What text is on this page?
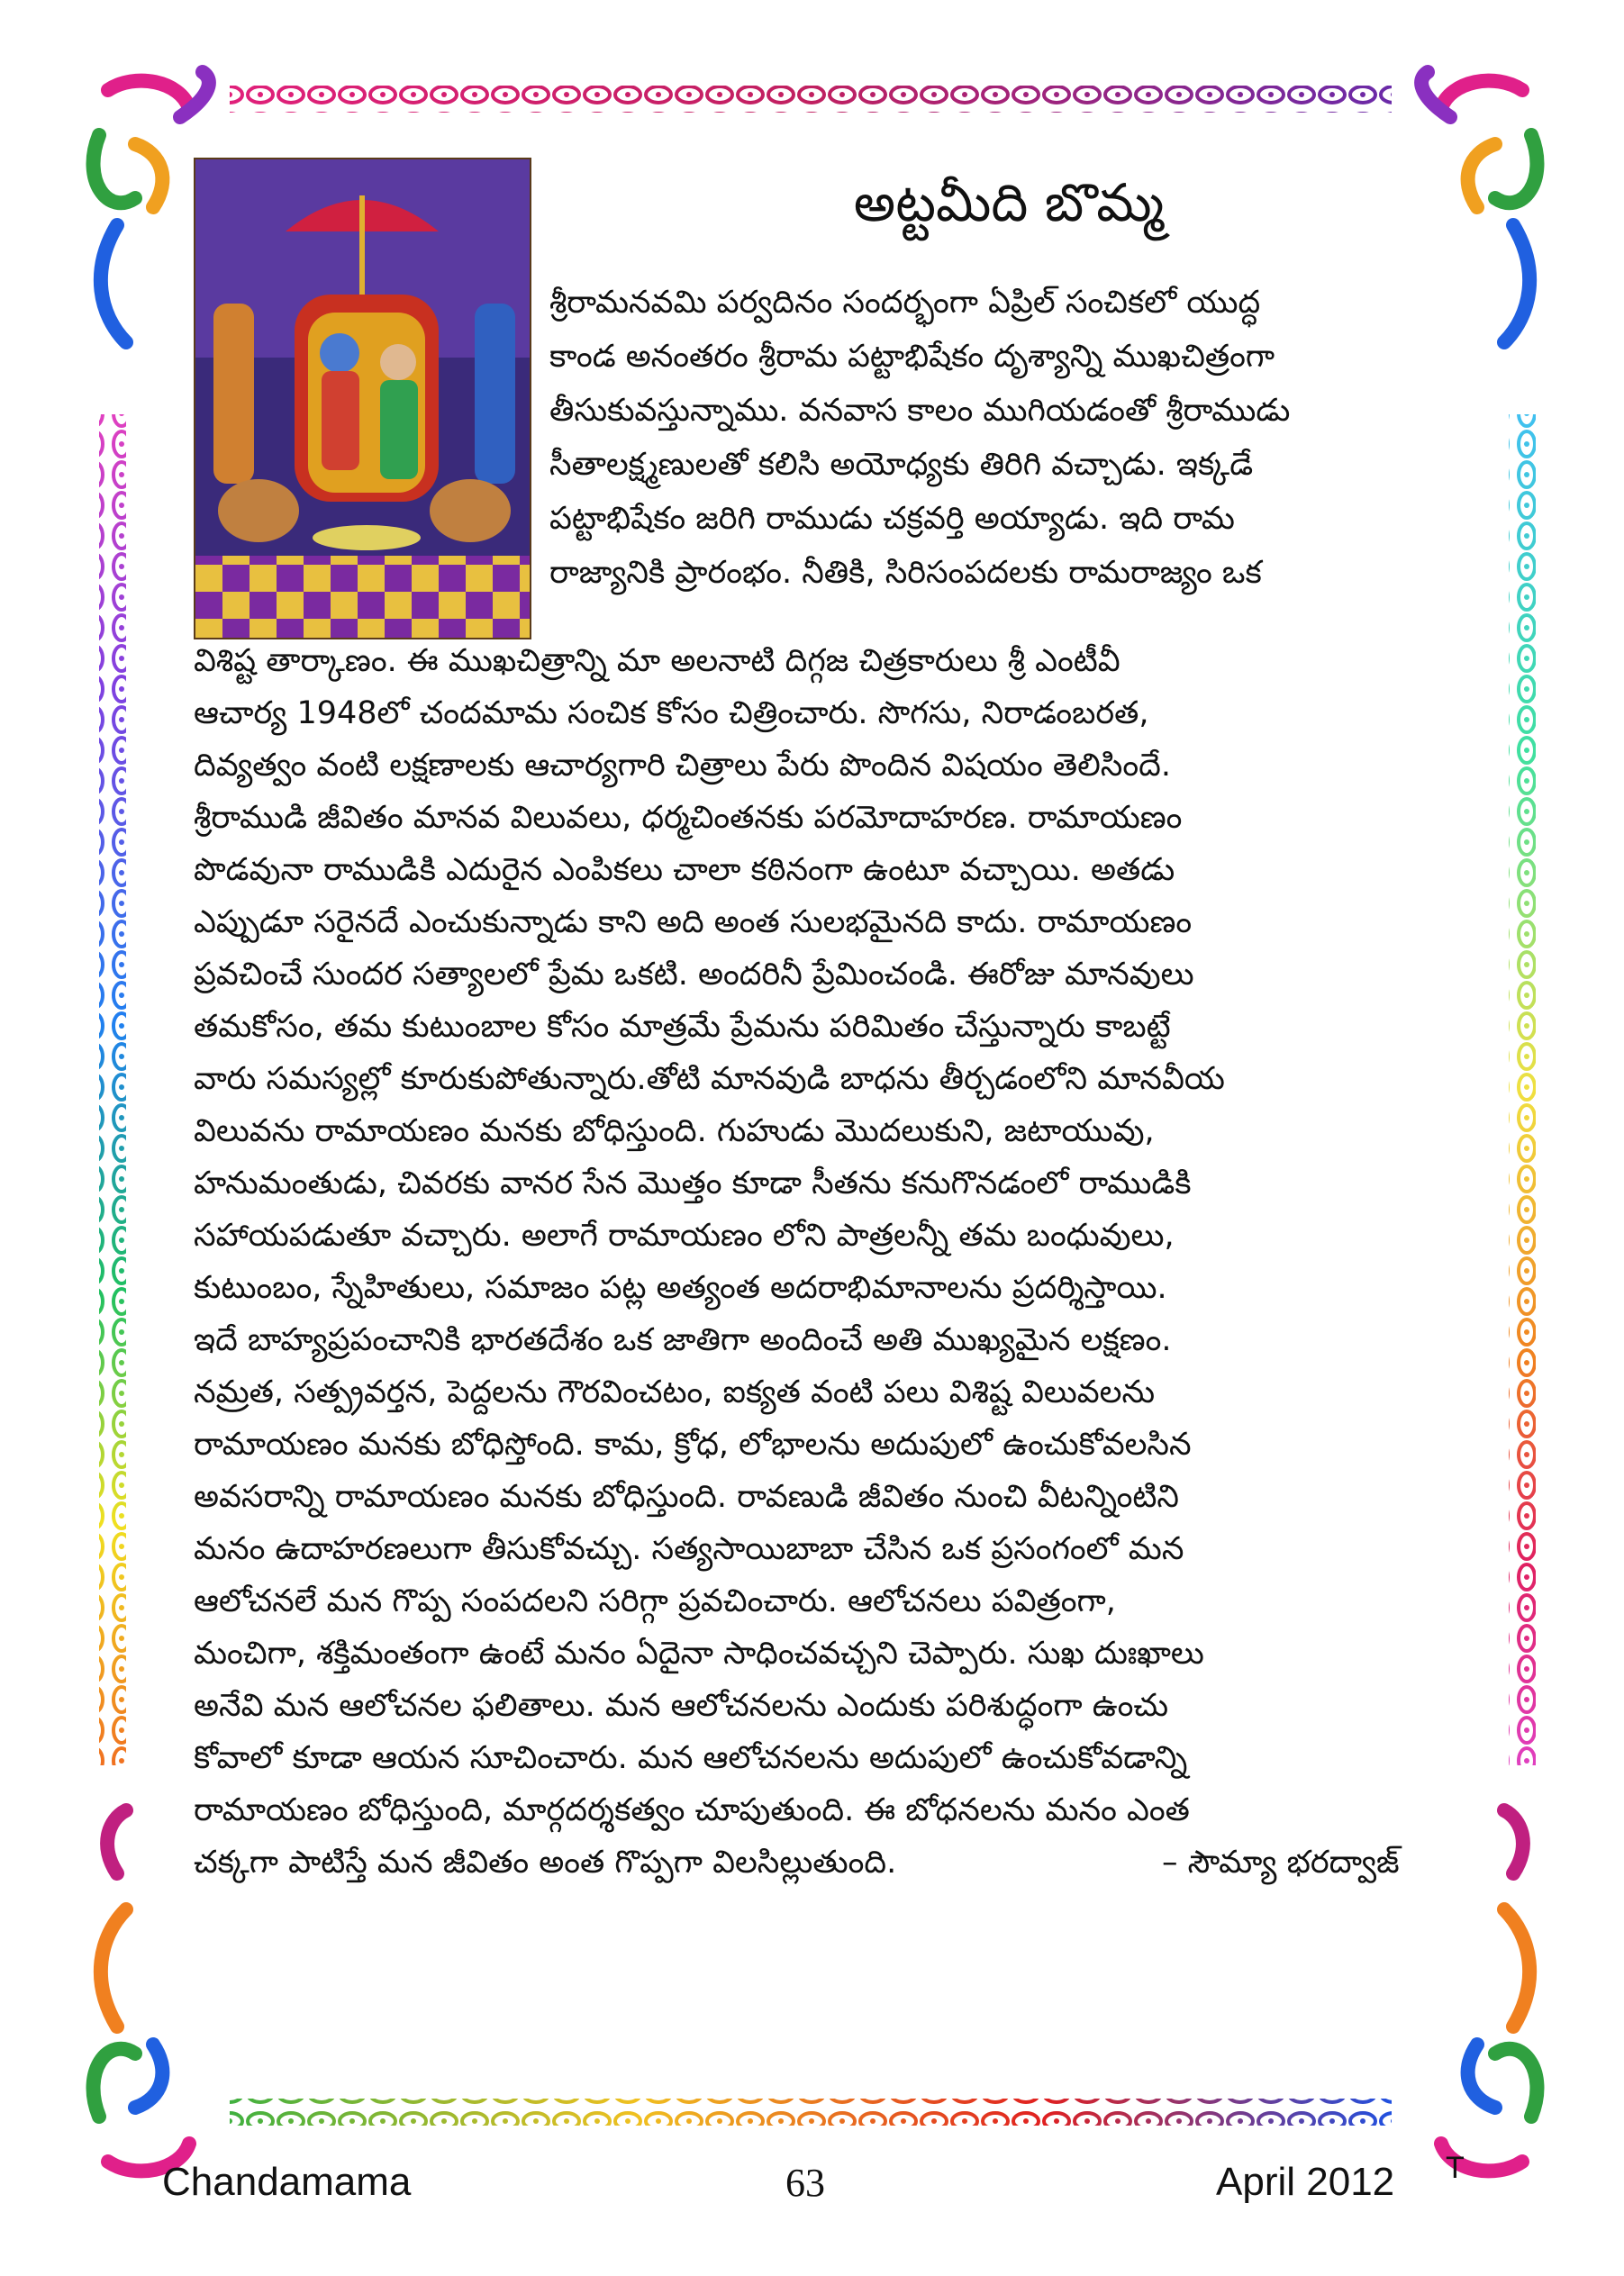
అట్టమీది బొమ్మ
శ్రీరామనవమి పర్వదినం సందర్భంగా ఏప్రిల్ సంచికలో యుద్ధ
కాండ అనంతరం శ్రీరామ పట్టాభిషేకం దృశ్యాన్ని ముఖచిత్రంగా
తీసుకువస్తున్నాము. వనవాస కాలం ముగియడంతో శ్రీరాముడు
సీతాలక్ష్మణులతో కలిసి అయోధ్యకు తిరిగి వచ్చాడు. ఇక్కడే
పట్టాభిషేకం జరిగి రాముడు చక్రవర్తి అయ్యాడు. ఇది రామ
రాజ్యానికి ప్రారంభం. నీతికి, సిరిసంపదలకు రామరాజ్యం ఒక
విశిష్ట తార్కాణం. ఈ ముఖచిత్రాన్ని మా అలనాటి దిగ్గజ చిత్రకారులు శ్రీ ఎంటీవీ
ఆచార్య 1948లో చందమామ సంచిక కోసం చిత్రించారు. సొగసు, నిరాడంబరత,
దివ్యత్వం వంటి లక్షణాలకు ఆచార్యగారి చిత్రాలు పేరు పొందిన విషయం తెలిసిందే.
శ్రీరాముడి జీవితం మానవ విలువలు, ధర్మచింతనకు పరమోదాహరణ. రామాయణం
పొడవునా రాముడికి ఎదురైన ఎంపికలు చాలా కఠినంగా ఉంటూ వచ్చాయి. అతడు
ఎప్పుడూ సరైనదే ఎంచుకున్నాడు కాని అది అంత సులభమైనది కాదు. రామాయణం
ప్రవచించే సుందర సత్యాలలో ప్రేమ ఒకటి. అందరినీ ప్రేమించండి. ఈరోజు మానవులు
తమకోసం, తమ కుటుంబాల కోసం మాత్రమే ప్రేమను పరిమితం చేస్తున్నారు కాబట్టే
వారు సమస్యల్లో కూరుకుపోతున్నారు.తోటి మానవుడి బాధను తీర్చడంలోని మానవీయ
విలువను రామాయణం మనకు బోధిస్తుంది. గుహుడు మొదలుకుని, జటాయువు,
హనుమంతుడు, చివరకు వానర సేన మొత్తం కూడా సీతను కనుగొనడంలో రాముడికి
సహాయపడుతూ వచ్చారు. అలాగే రామాయణం లోని పాత్రలన్నీ తమ బంధువులు,
కుటుంబం, స్నేహితులు, సమాజం పట్ల అత్యంత అదరాభిమానాలను ప్రదర్శిస్తాయి.
ఇదే బాహ్యప్రపంచానికి భారతదేశం ఒక జాతిగా అందించే అతి ముఖ్యమైన లక్షణం.
నమ్రత, సత్ప్రవర్తన, పెద్దలను గౌరవించటం, ఐక్యత వంటి పలు విశిష్ట విలువలను
రామాయణం మనకు బోధిస్తోంది. కామ, క్రోధ, లోభాలను అదుపులో ఉంచుకోవలసిన
అవసరాన్ని రామాయణం మనకు బోధిస్తుంది. రావణుడి జీవితం నుంచి వీటన్నింటిని
మనం ఉదాహరణలుగా తీసుకోవచ్చు. సత్యసాయిబాబా చేసిన ఒక ప్రసంగంలో మన
ఆలోచనలే మన గొప్ప సంపదలని సరిగ్గా ప్రవచించారు. ఆలోచనలు పవిత్రంగా,
మంచిగా, శక్తిమంతంగా ఉంటే మనం ఏదైనా సాధించవచ్చని చెప్పారు. సుఖ దుఃఖాలు
అనేవి మన ఆలోచనల ఫలితాలు. మన ఆలోచనలను ఎందుకు పరిశుద్ధంగా ఉంచు
కోవాలో కూడా ఆయన సూచించారు. మన ఆలోచనలను అదుపులో ఉంచుకోవడాన్ని
రామాయణం బోధిస్తుంది, మార్గదర్శకత్వం చూపుతుంది. ఈ బోధనలను మనం ఎంత
చక్కగా పాటిస్తే మన జీవితం అంత గొప్పగా విలసిల్లుతుంది.	– సౌమ్యా భరద్వాజ్
Chandamama	63	April 2012 T
